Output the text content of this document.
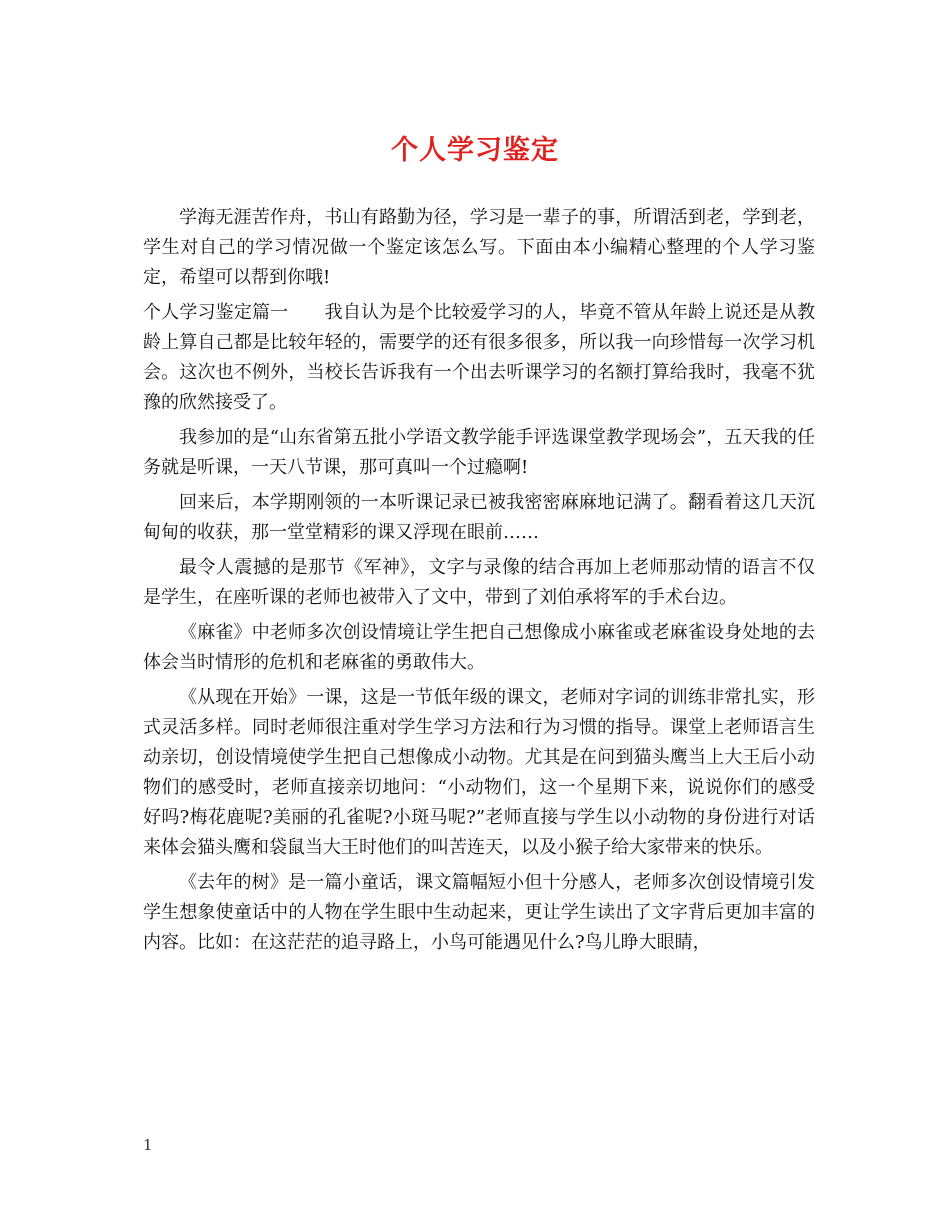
个人学习鉴定

学海无涯苦作舟，书山有路勤为径，学习是一辈子的事，所谓活到老，学到老，学生对自己的学习情况做一个鉴定该怎么写。下面由本小编精心整理的个人学习鉴定，希望可以帮到你哦!

个人学习鉴定篇一　　我自认为是个比较爱学习的人，毕竟不管从年龄上说还是从教龄上算自己都是比较年轻的，需要学的还有很多很多，所以我一向珍惜每一次学习机会。这次也不例外，当校长告诉我有一个出去听课学习的名额打算给我时，我毫不犹豫的欣然接受了。

我参加的是“山东省第五批小学语文教学能手评选课堂教学现场会”，五天我的任务就是听课，一天八节课，那可真叫一个过瘾啊!

回来后，本学期刚领的一本听课记录已被我密密麻麻地记满了。翻看着这几天沉甸甸的收获，那一堂堂精彩的课又浮现在眼前……

最令人震撼的是那节《军神》，文字与录像的结合再加上老师那动情的语言不仅是学生，在座听课的老师也被带入了文中，带到了刘伯承将军的手术台边。

《麻雀》中老师多次创设情境让学生把自己想像成小麻雀或老麻雀设身处地的去体会当时情形的危机和老麻雀的勇敢伟大。

《从现在开始》一课，这是一节低年级的课文，老师对字词的训练非常扎实，形式灵活多样。同时老师很注重对学生学习方法和行为习惯的指导。课堂上老师语言生动亲切，创设情境使学生把自己想像成小动物。尤其是在问到猫头鹰当上大王后小动物们的感受时，老师直接亲切地问：“小动物们，这一个星期下来，说说你们的感受好吗?梅花鹿呢?美丽的孔雀呢?小斑马呢?”老师直接与学生以小动物的身份进行对话来体会猫头鹰和袋鼠当大王时他们的叫苦连天，以及小猴子给大家带来的快乐。

《去年的树》是一篇小童话，课文篇幅短小但十分感人，老师多次创设情境引发学生想象使童话中的人物在学生眼中生动起来，更让学生读出了文字背后更加丰富的内容。比如：在这茫茫的追寻路上，小鸟可能遇见什么?鸟儿睁大眼睛，

1
